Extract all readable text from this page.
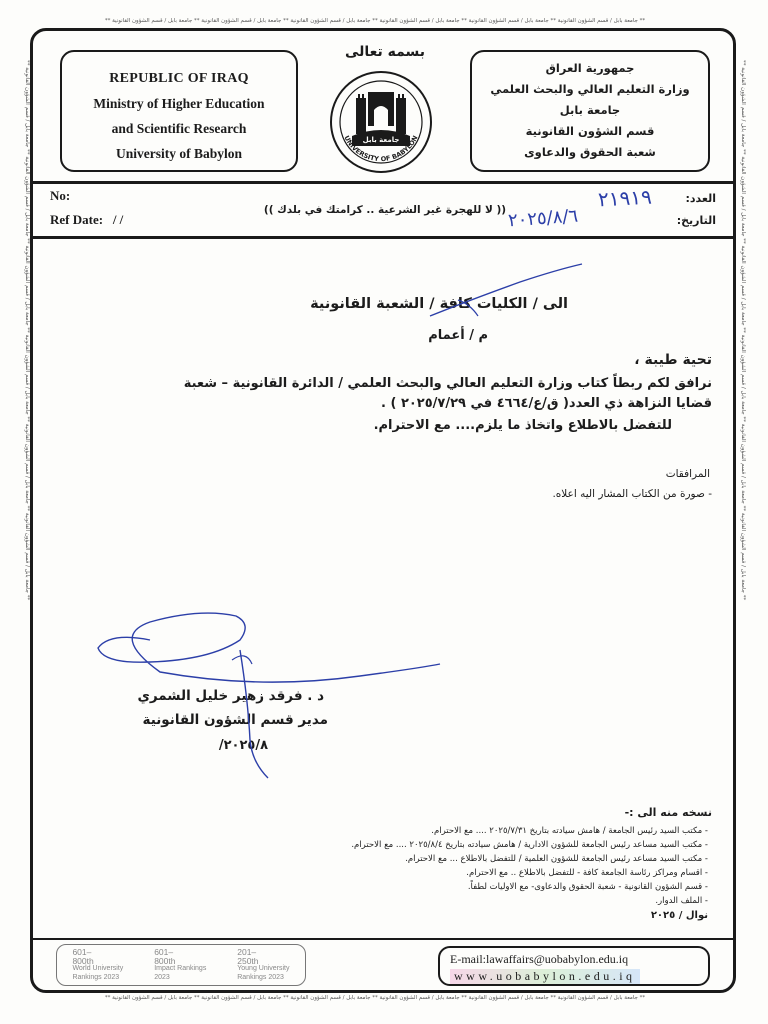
** جامعة بابل / قسم الشؤون القانونية ** جامعة بابل / قسم الشؤون القانونية ** جامعة بابل / قسم الشؤون القانونية ** جامعة بابل / قسم الشؤون القانونية ** جامعة بابل / قسم الشؤون القانونية ** جامعة بابل / قسم الشؤون القانونية **
** جامعة بابل / قسم الشؤون القانونية ** جامعة بابل / قسم الشؤون القانونية ** جامعة بابل / قسم الشؤون القانونية ** جامعة بابل / قسم الشؤون القانونية ** جامعة بابل / قسم الشؤون القانونية ** جامعة بابل / قسم الشؤون القانونية **
** جامعة بابل / قسم الشؤون القانونية ** جامعة بابل / قسم الشؤون القانونية ** جامعة بابل / قسم الشؤون القانونية ** جامعة بابل / قسم الشؤون القانونية ** جامعة بابل / قسم الشؤون القانونية ** جامعة بابل / قسم الشؤون القانونية **
** جامعة بابل / قسم الشؤون القانونية ** جامعة بابل / قسم الشؤون القانونية ** جامعة بابل / قسم الشؤون القانونية ** جامعة بابل / قسم الشؤون القانونية ** جامعة بابل / قسم الشؤون القانونية ** جامعة بابل / قسم الشؤون القانونية **
REPUBLIC OF IRAQ
Ministry of Higher Education
and Scientific Research
University of Babylon
بسمه تعالى
جامعة بابل
UNIVERSITY OF BABYLON
جمهورية العراق
وزارة التعليم العالي والبحث العلمي
جامعة بابل
قسم الشؤون القانونية
شعبة الحقوق والدعاوى
No:
Ref Date: / /
(( لا للهجرة غير الشرعية .. كرامتك في بلدك ))
العدد:
التاريخ:
٢١٩١٩
٢٠٢٥/٨/٦
الى / الكليات كافة / الشعبة القانونية
م / أعمام
تحية طيبة ،
نرافق لكم ربطاً كتاب وزارة التعليم العالي والبحث العلمي / الدائرة القانونية – شعبة
قضايا النزاهة ذي العدد( ق/ع/٤٦٦٤ في ٢٠٢٥/٧/٢٩ ) .
للتفضل بالاطلاع واتخاذ ما يلزم.... مع الاحترام.
المرافقات
- صورة من الكتاب المشار اليه اعلاه.
د . فرقد زهير خليل الشمري
مدير قسم الشؤون القانونية
٢٠٢٥/٨/
نسخه منه الى :-
- مكتب السيد رئيس الجامعة / هامش سيادته بتاريخ ٢٠٢٥/٧/٣١ .... مع الاحترام.
- مكتب السيد مساعد رئيس الجامعة للشؤون الادارية / هامش سيادته بتاريخ ٢٠٢٥/٨/٤ .... مع الاحترام.
- مكتب السيد مساعد رئيس الجامعة للشؤون العلمية / للتفضل بالاطلاع ... مع الاحترام.
- اقسام ومراكز رئاسة الجامعة كافة - للتفضل بالاطلاع .. مع الاحترام.
- قسم الشؤون القانونية - شعبة الحقوق والدعاوى- مع الاوليات لطفاً.
- الملف الدوار.
نوال / ٢٠٢٥
601–
800th
World University
Rankings 2023
601–
800th
Impact Rankings
2023
201–
250th
Young University
Rankings 2023
E-mail:lawaffairs@uobabylon.edu.iq
www.uobabylon.edu.iq
